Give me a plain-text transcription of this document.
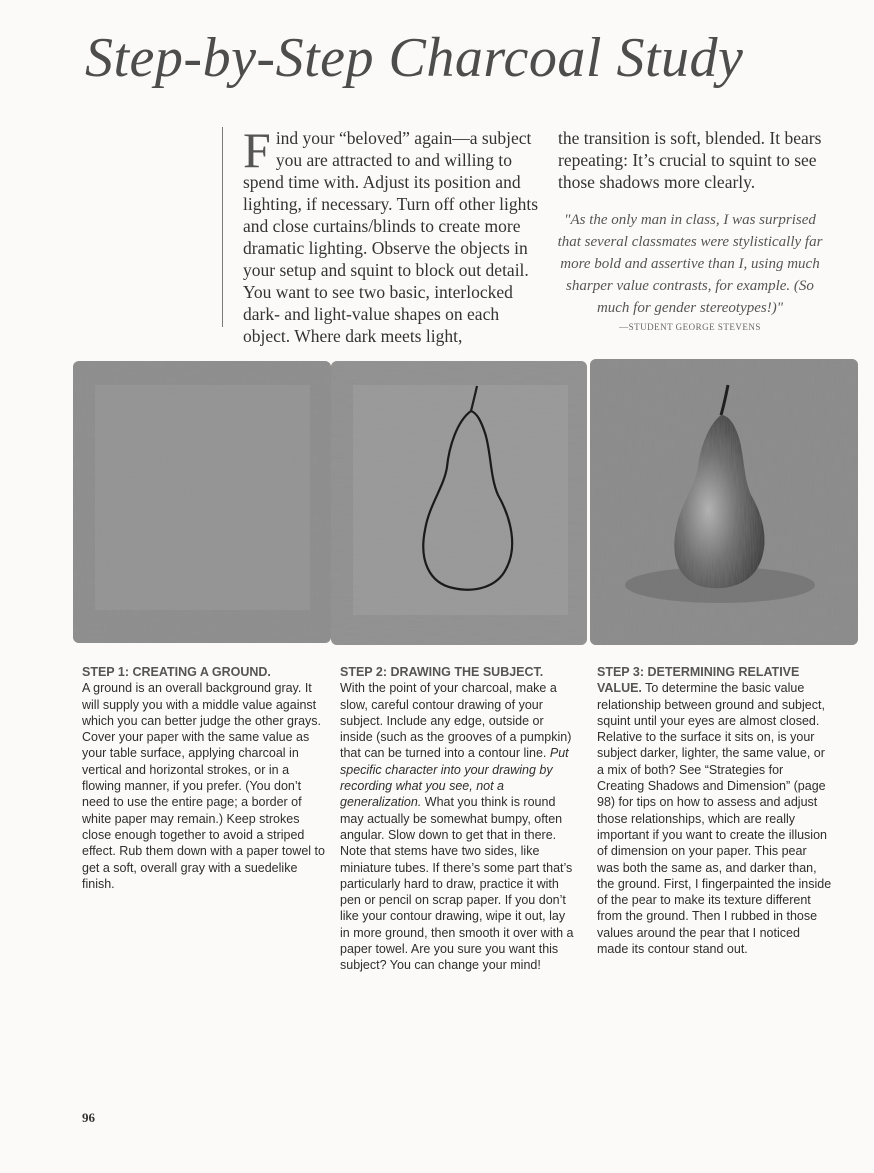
Step-by-Step Charcoal Study
Find your “beloved” again—a subject you are attracted to and willing to spend time with. Adjust its position and lighting, if necessary. Turn off other lights and close curtains/blinds to create more dramatic lighting. Observe the objects in your setup and squint to block out detail. You want to see two basic, interlocked dark- and light-value shapes on each object. Where dark meets light,
the transition is soft, blended. It bears repeating: It’s crucial to squint to see those shadows more clearly.
"As the only man in class, I was surprised that several classmates were stylistically far more bold and assertive than I, using much sharper value contrasts, for example. (So much for gender stereotypes!)"
—STUDENT GEORGE STEVENS
STEP 1: CREATING A GROUND.
A ground is an overall background gray. It will supply you with a middle value against which you can better judge the other grays. Cover your paper with the same value as your table surface, applying charcoal in vertical and horizontal strokes, or in a flowing manner, if you prefer. (You don’t need to use the entire page; a border of white paper may remain.) Keep strokes close enough together to avoid a striped effect. Rub them down with a paper towel to get a soft, overall gray with a suedelike finish.
STEP 2: DRAWING THE SUBJECT.
With the point of your charcoal, make a slow, careful contour drawing of your subject. Include any edge, outside or inside (such as the grooves of a pumpkin) that can be turned into a contour line. Put specific character into your drawing by recording what you see, not a generalization. What you think is round may actually be somewhat bumpy, often angular. Slow down to get that in there. Note that stems have two sides, like miniature tubes. If there’s some part that’s particularly hard to draw, practice it with pen or pencil on scrap paper. If you don’t like your contour drawing, wipe it out, lay in more ground, then smooth it over with a paper towel. Are you sure you want this subject? You can change your mind!
STEP 3: DETERMINING RELATIVE VALUE. To determine the basic value relationship between ground and subject, squint until your eyes are almost closed. Relative to the surface it sits on, is your subject darker, lighter, the same value, or a mix of both? See “Strategies for Creating Shadows and Dimension” (page 98) for tips on how to assess and adjust those relationships, which are really important if you want to create the illusion of dimension on your paper. This pear was both the same as, and darker than, the ground. First, I fingerpainted the inside of the pear to make its texture different from the ground. Then I rubbed in those values around the pear that I noticed made its contour stand out.
96
